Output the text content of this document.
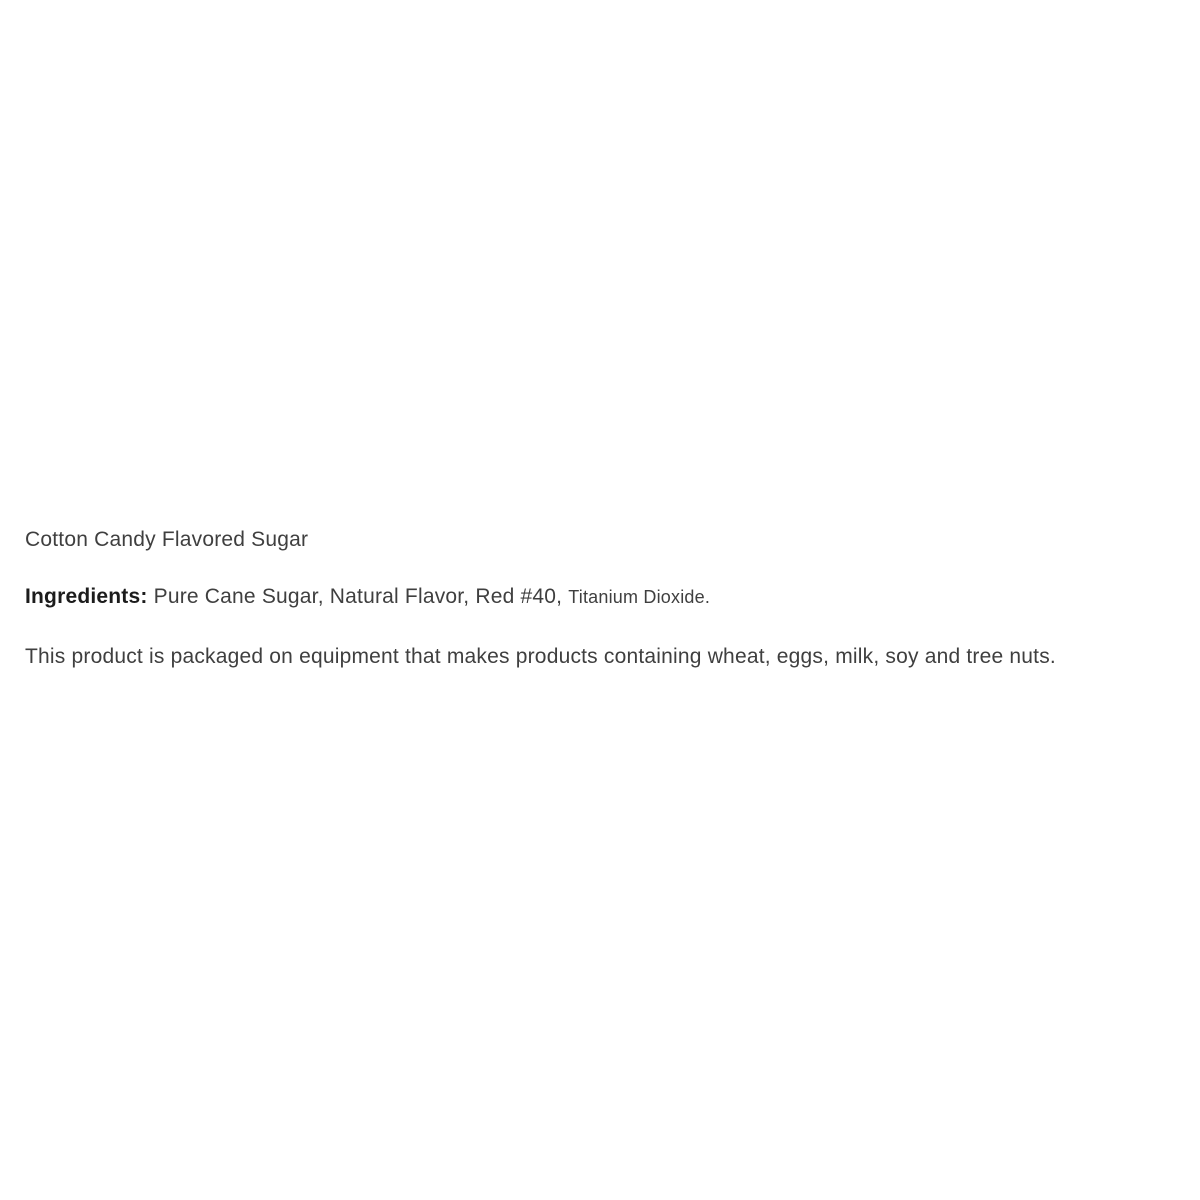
Cotton Candy Flavored Sugar

Ingredients: Pure Cane Sugar, Natural Flavor, Red #40, Titanium Dioxide.

This product is packaged on equipment that makes products containing wheat, eggs, milk, soy and tree nuts.
